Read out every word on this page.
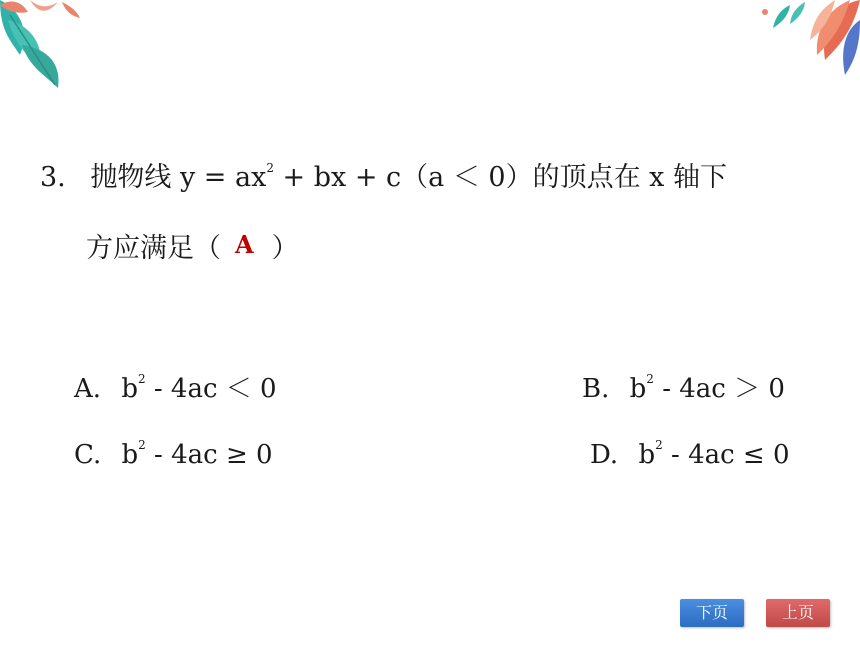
3. 抛物线 $y = ax^2$ + bx + c（a ＜ 0）的顶点在 x 轴下
方应满足（ A ）
A. $b^2 - 4ac < 0$	B. $b^2 - 4ac > 0$
C. $b^2 - 4ac \ge 0$	D. $b^2 - 4ac \le 0$
下页	上页
